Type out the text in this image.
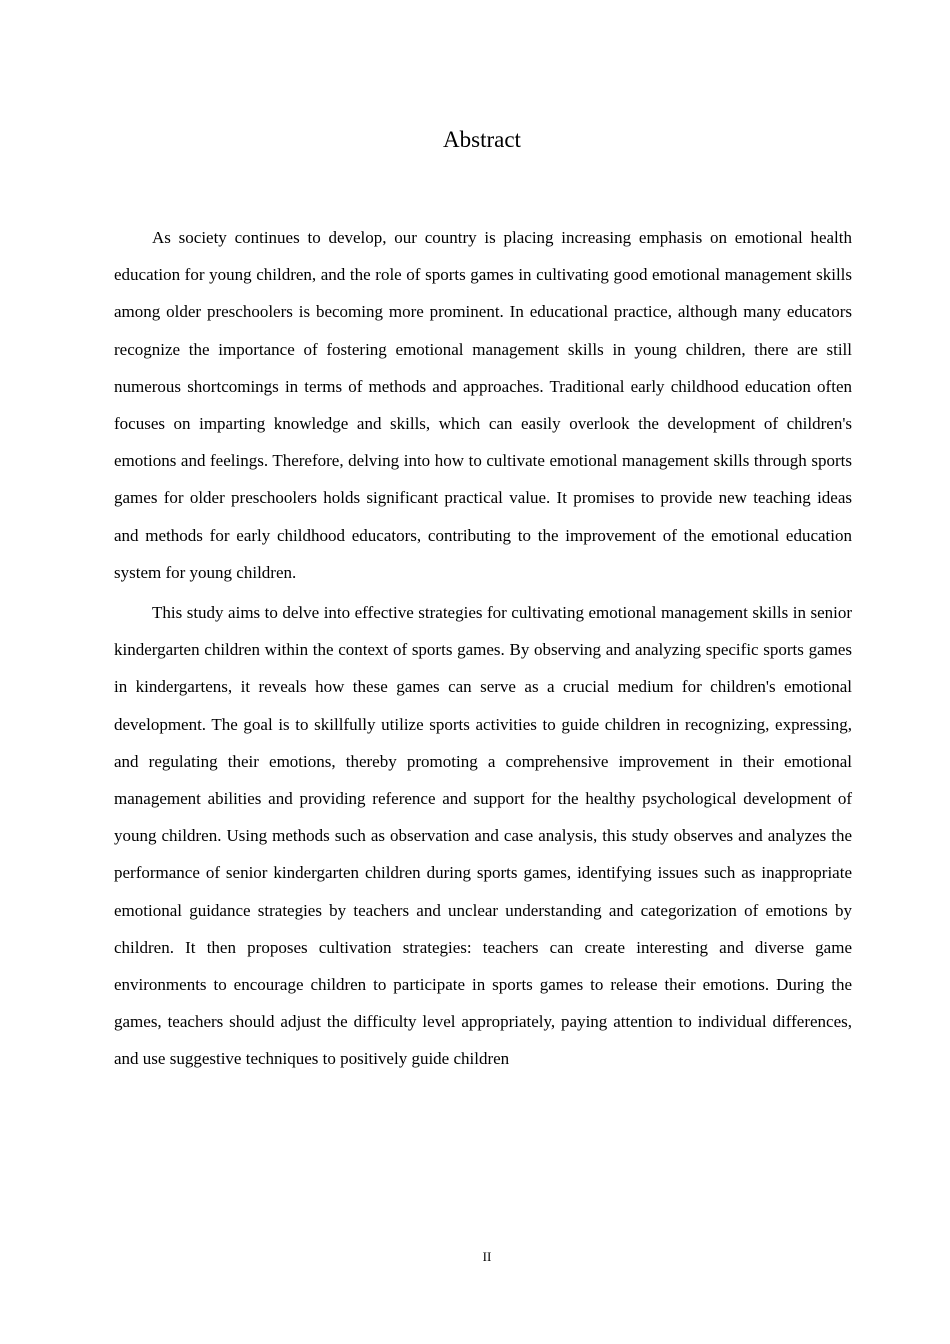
Abstract

As society continues to develop, our country is placing increasing emphasis on emotional health education for young children, and the role of sports games in cultivating good emotional management skills among older preschoolers is becoming more prominent. In educational practice, although many educators recognize the importance of fostering emotional management skills in young children, there are still numerous shortcomings in terms of methods and approaches. Traditional early childhood education often focuses on imparting knowledge and skills, which can easily overlook the development of children's emotions and feelings. Therefore, delving into how to cultivate emotional management skills through sports games for older preschoolers holds significant practical value. It promises to provide new teaching ideas and methods for early childhood educators, contributing to the improvement of the emotional education system for young children.

This study aims to delve into effective strategies for cultivating emotional management skills in senior kindergarten children within the context of sports games. By observing and analyzing specific sports games in kindergartens, it reveals how these games can serve as a crucial medium for children's emotional development. The goal is to skillfully utilize sports activities to guide children in recognizing, expressing, and regulating their emotions, thereby promoting a comprehensive improvement in their emotional management abilities and providing reference and support for the healthy psychological development of young children. Using methods such as observation and case analysis, this study observes and analyzes the performance of senior kindergarten children during sports games, identifying issues such as inappropriate emotional guidance strategies by teachers and unclear understanding and categorization of emotions by children. It then proposes cultivation strategies: teachers can create interesting and diverse game environments to encourage children to participate in sports games to release their emotions. During the games, teachers should adjust the difficulty level appropriately, paying attention to individual differences, and use suggestive techniques to positively guide children

II
